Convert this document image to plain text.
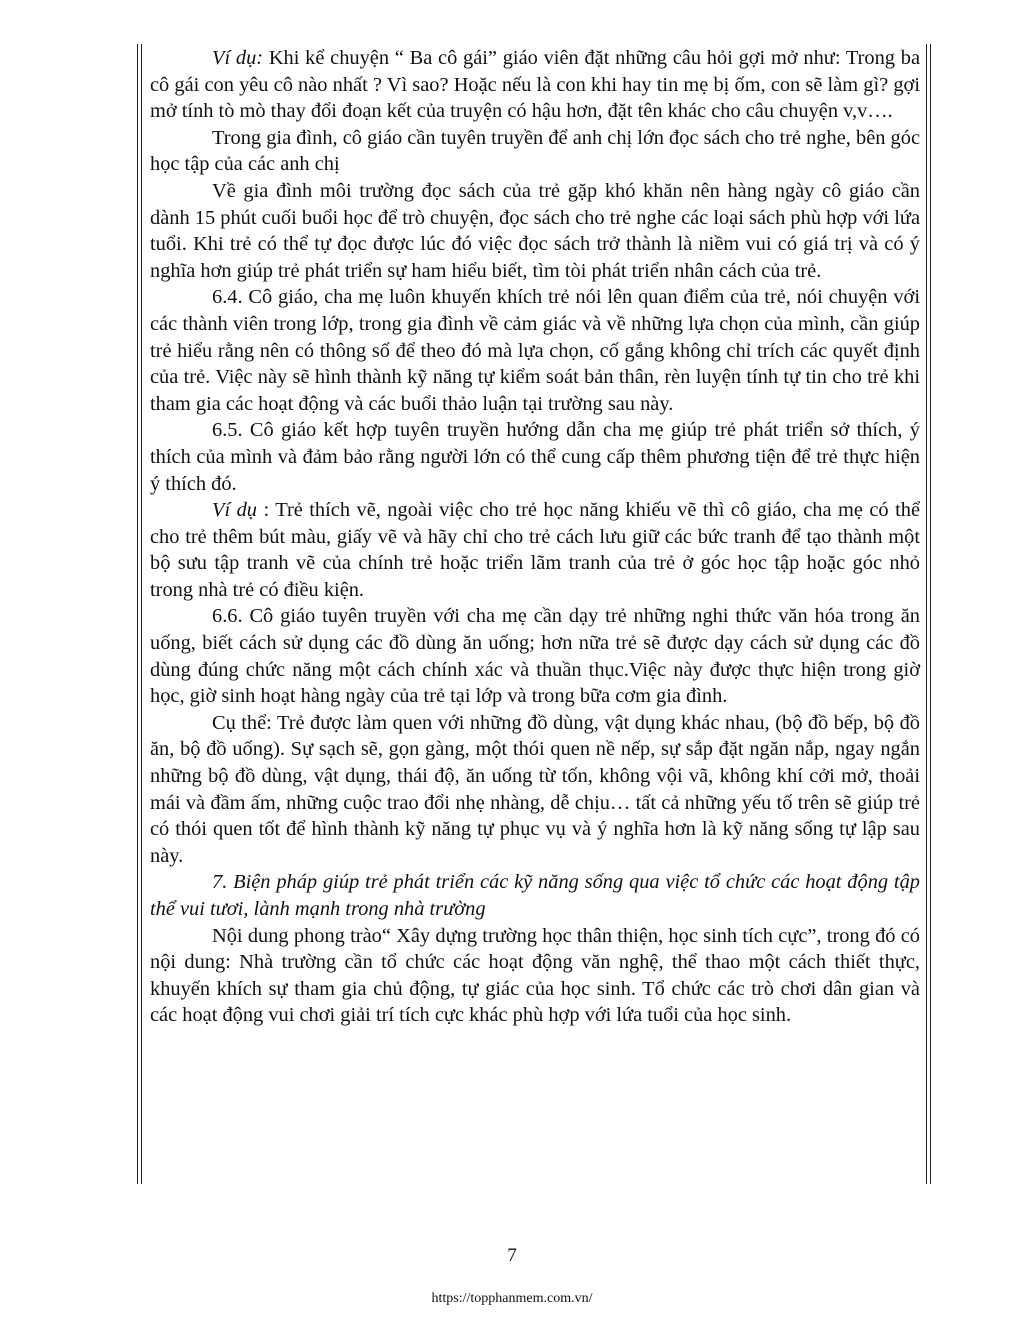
Ví dụ: Khi kể chuyện “ Ba cô gái” giáo viên đặt những câu hỏi gợi mở như: Trong ba cô gái con yêu cô nào nhất ? Vì sao? Hoặc nếu là con khi hay tin mẹ bị ốm, con sẽ làm gì? gợi mở tính tò mò thay đổi đoạn kết của truyện có hậu hơn, đặt tên khác cho câu chuyện v,v….

Trong gia đình, cô giáo cần tuyên truyền để anh chị lớn đọc sách cho trẻ nghe, bên góc học tập của các anh chị

Về gia đình môi trường đọc sách của trẻ gặp khó khăn nên hàng ngày cô giáo cần dành 15 phút cuối buổi học để trò chuyện, đọc sách cho trẻ nghe các loại sách phù hợp với lứa tuổi. Khi trẻ có thể tự đọc được lúc đó việc đọc sách trở thành là niềm vui có giá trị và có ý nghĩa hơn giúp trẻ phát triển sự ham hiểu biết, tìm tòi phát triển nhân cách của trẻ.

6.4. Cô giáo, cha mẹ luôn khuyến khích trẻ nói lên quan điểm của trẻ, nói chuyện với các thành viên trong lớp, trong gia đình về cảm giác và về những lựa chọn của mình, cần giúp trẻ hiểu rằng nên có thông số để theo đó mà lựa chọn, cố gắng không chỉ trích các quyết định của trẻ. Việc này sẽ hình thành kỹ năng tự kiểm soát bản thân, rèn luyện tính tự tin cho trẻ khi tham gia các hoạt động và các buổi thảo luận tại trường sau này.

6.5. Cô giáo kết hợp tuyên truyền hướng dẫn cha mẹ giúp trẻ phát triển sở thích, ý thích của mình và đảm bảo rằng người lớn có thể cung cấp thêm phương tiện để trẻ thực hiện ý thích đó.

Ví dụ : Trẻ thích vẽ, ngoài việc cho trẻ học năng khiếu vẽ thì cô giáo, cha mẹ có thể cho trẻ thêm bút màu, giấy vẽ và hãy chỉ cho trẻ cách lưu giữ các bức tranh để tạo thành một bộ sưu tập tranh vẽ của chính trẻ hoặc triển lãm tranh của trẻ ở góc học tập hoặc góc nhỏ trong nhà trẻ có điều kiện.

6.6. Cô giáo tuyên truyền với cha mẹ cần dạy trẻ những nghi thức văn hóa trong ăn uống, biết cách sử dụng các đồ dùng ăn uống; hơn nữa trẻ sẽ được dạy cách sử dụng các đồ dùng đúng chức năng một cách chính xác và thuần thục.Việc này được thực hiện trong giờ học, giờ sinh hoạt hàng ngày của trẻ tại lớp và trong bữa cơm gia đình.

Cụ thể: Trẻ được làm quen với những đồ dùng, vật dụng khác nhau, (bộ đồ bếp, bộ đồ ăn, bộ đồ uống). Sự sạch sẽ, gọn gàng, một thói quen nề nếp, sự sắp đặt ngăn nắp, ngay ngắn những bộ đồ dùng, vật dụng, thái độ, ăn uống từ tốn, không vội vã, không khí cởi mở, thoải mái và đầm ấm, những cuộc trao đổi nhẹ nhàng, dễ chịu… tất cả những yếu tố trên sẽ giúp trẻ có thói quen tốt để hình thành kỹ năng tự phục vụ và ý nghĩa hơn là kỹ năng sống tự lập sau này.

7. Biện pháp giúp trẻ phát triển các kỹ năng sống qua việc tổ chức các hoạt động tập thể vui tươi, lành mạnh trong nhà trường

Nội dung phong trào“ Xây dựng trường học thân thiện, học sinh tích cực”, trong đó có nội dung: Nhà trường cần tổ chức các hoạt động văn nghệ, thể thao một cách thiết thực, khuyến khích sự tham gia chủ động, tự giác của học sinh. Tổ chức các trò chơi dân gian và các hoạt động vui chơi giải trí tích cực khác phù hợp với lứa tuổi của học sinh.

7
https://topphanmem.com.vn/
